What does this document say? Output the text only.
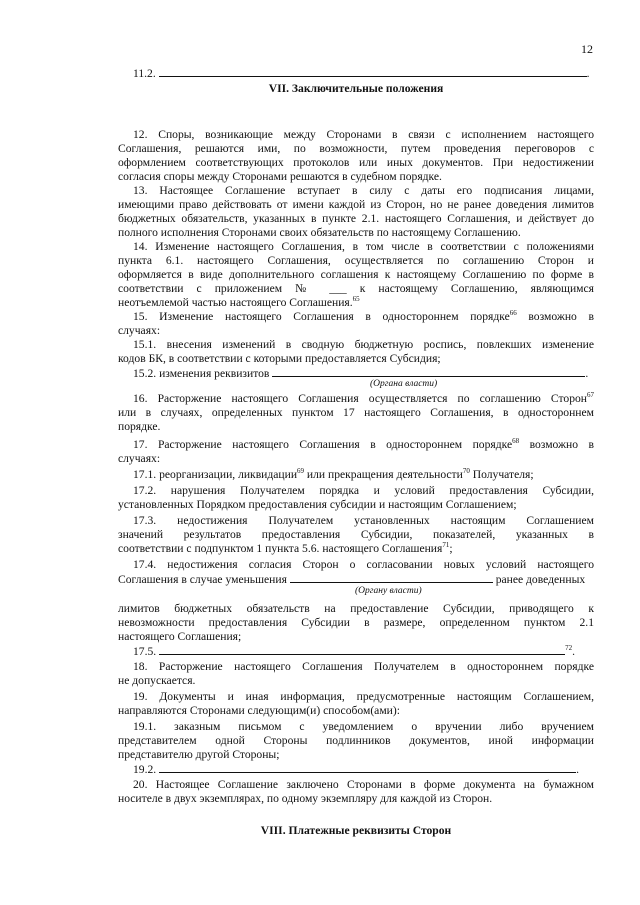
12
11.2.	.
VII. Заключительные положения
12. Споры, возникающие между Сторонами в связи с исполнением настоящего
Соглашения, решаются ими, по возможности, путем проведения переговоров с
оформлением соответствующих протоколов или иных документов. При недостижении
согласия споры между Сторонами решаются в судебном порядке.
13. Настоящее Соглашение вступает в силу с даты его подписания лицами,
имеющими право действовать от имени каждой из Сторон, но не ранее доведения лимитов
бюджетных обязательств, указанных в пункте 2.1. настоящего Соглашения, и действует до
полного исполнения Сторонами своих обязательств по настоящему Соглашению.
14. Изменение настоящего Соглашения, в том числе в соответствии с положениями
пункта 6.1. настоящего Соглашения, осуществляется по соглашению Сторон и
оформляется в виде дополнительного соглашения к настоящему Соглашению по форме в
соответствии с приложением № ___ к настоящему Соглашению, являющимся
неотъемлемой частью настоящего Соглашения.$^{65}$
15. Изменение настоящего Соглашения в одностороннем порядке$^{66}$ возможно в
случаях:
15.1. внесения изменений в сводную бюджетную роспись, повлекших изменение
кодов БК, в соответствии с которыми предоставляется Субсидия;
15.2. изменения реквизитов	.
(Органа власти)
16. Расторжение настоящего Соглашения осуществляется по соглашению Сторон$^{67}$
или в случаях, определенных пунктом 17 настоящего Соглашения, в одностороннем
порядке.
17. Расторжение настоящего Соглашения в одностороннем порядке$^{68}$ возможно в
случаях:
17.1. реорганизации, ликвидации$^{69}$ или прекращения деятельности$^{70}$ Получателя;
17.2. нарушения Получателем порядка и условий предоставления Субсидии,
установленных Порядком предоставления субсидии и настоящим Соглашением;
17.3. недостижения Получателем установленных настоящим Соглашением
значений результатов предоставления Субсидии, показателей, указанных в
соответствии с подпунктом 1 пункта 5.6. настоящего Соглашения$^{71}$;
17.4. недостижения согласия Сторон о согласовании новых условий настоящего
Соглашения в случае уменьшения	ранее доведенных
(Органу власти)
лимитов бюджетных обязательств на предоставление Субсидии, приводящего к
невозможности предоставления Субсидии в размере, определенном пунктом 2.1
настоящего Соглашения;
17.5.	$^{72}$.
18. Расторжение настоящего Соглашения Получателем в одностороннем порядке
не допускается.
19. Документы и иная информация, предусмотренные настоящим Соглашением,
направляются Сторонами следующим(и) способом(ами):
19.1. заказным письмом с уведомлением о вручении либо вручением
представителем одной Стороны подлинников документов, иной информации
представителю другой Стороны;
19.2.	.
20. Настоящее Соглашение заключено Сторонами в форме документа на бумажном
носителе в двух экземплярах, по одному экземпляру для каждой из Сторон.
VIII. Платежные реквизиты Сторон
